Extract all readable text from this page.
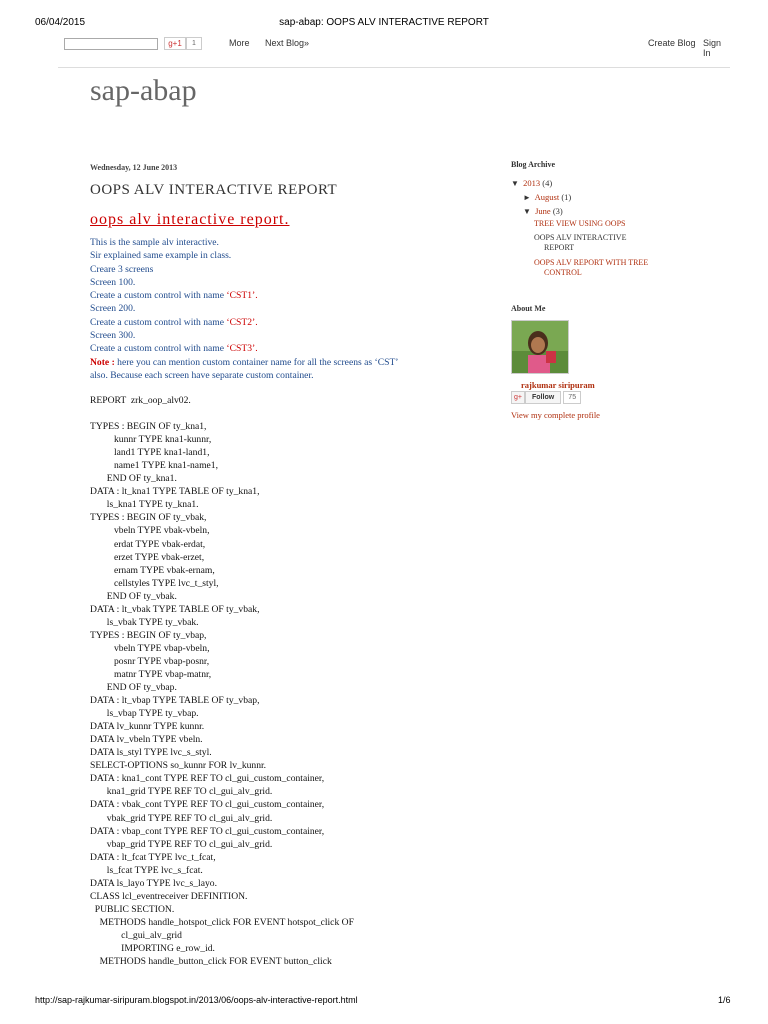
06/04/2015	sap-abap: OOPS ALV INTERACTIVE REPORT
g+1	1	More Next Blog»	Create Blog Sign In
sap-abap
Wednesday, 12 June 2013
OOPS ALV INTERACTIVE REPORT
oops alv interactive report.
This is the sample alv interactive.
Sir explained same example in class.
Creare 3 screens
Screen 100.
Create a custom control with name ‘CST1’.
Screen 200.
Create a custom control with name ‘CST2’.
Screen 300.
Create a custom control with name ‘CST3’.
Note : here you can mention custom container name for all the screens as ‘CST’
also. Because each screen have separate custom container.
REPORT  zrk_oop_alv02.

TYPES : BEGIN OF ty_kna1,
kunnr TYPE kna1-kunnr,
land1 TYPE kna1-land1,
name1 TYPE kna1-name1,
END OF ty_kna1.
DATA : lt_kna1 TYPE TABLE OF ty_kna1,
ls_kna1 TYPE ty_kna1.
TYPES : BEGIN OF ty_vbak,
vbeln TYPE vbak-vbeln,
erdat TYPE vbak-erdat,
erzet TYPE vbak-erzet,
ernam TYPE vbak-ernam,
cellstyles TYPE lvc_t_styl,
END OF ty_vbak.
DATA : lt_vbak TYPE TABLE OF ty_vbak,
ls_vbak TYPE ty_vbak.
TYPES : BEGIN OF ty_vbap,
vbeln TYPE vbap-vbeln,
posnr TYPE vbap-posnr,
matnr TYPE vbap-matnr,
END OF ty_vbap.
DATA : lt_vbap TYPE TABLE OF ty_vbap,
ls_vbap TYPE ty_vbap.
DATA lv_kunnr TYPE kunnr.
DATA lv_vbeln TYPE vbeln.
DATA ls_styl TYPE lvc_s_styl.
SELECT-OPTIONS so_kunnr FOR lv_kunnr.
DATA : kna1_cont TYPE REF TO cl_gui_custom_container,
kna1_grid TYPE REF TO cl_gui_alv_grid.
DATA : vbak_cont TYPE REF TO cl_gui_custom_container,
vbak_grid TYPE REF TO cl_gui_alv_grid.
DATA : vbap_cont TYPE REF TO cl_gui_custom_container,
vbap_grid TYPE REF TO cl_gui_alv_grid.
DATA : lt_fcat TYPE lvc_t_fcat,
ls_fcat TYPE lvc_s_fcat.
DATA ls_layo TYPE lvc_s_layo.
CLASS lcl_eventreceiver DEFINITION.
PUBLIC SECTION.
METHODS handle_hotspot_click FOR EVENT hotspot_click OF
cl_gui_alv_grid
IMPORTING e_row_id.
METHODS handle_button_click FOR EVENT button_click
Blog Archive
▼ 2013 (4)
► August (1)
▼ June (3)
TREE VIEW USING OOPS
OOPS ALV INTERACTIVE
REPORT
OOPS ALV REPORT WITH TREE
CONTROL
About Me
rajkumar siripuram
g+ Follow 75
View my complete profile
http://sap-rajkumar-siripuram.blogspot.in/2013/06/oops-alv-interactive-report.html	1/6
